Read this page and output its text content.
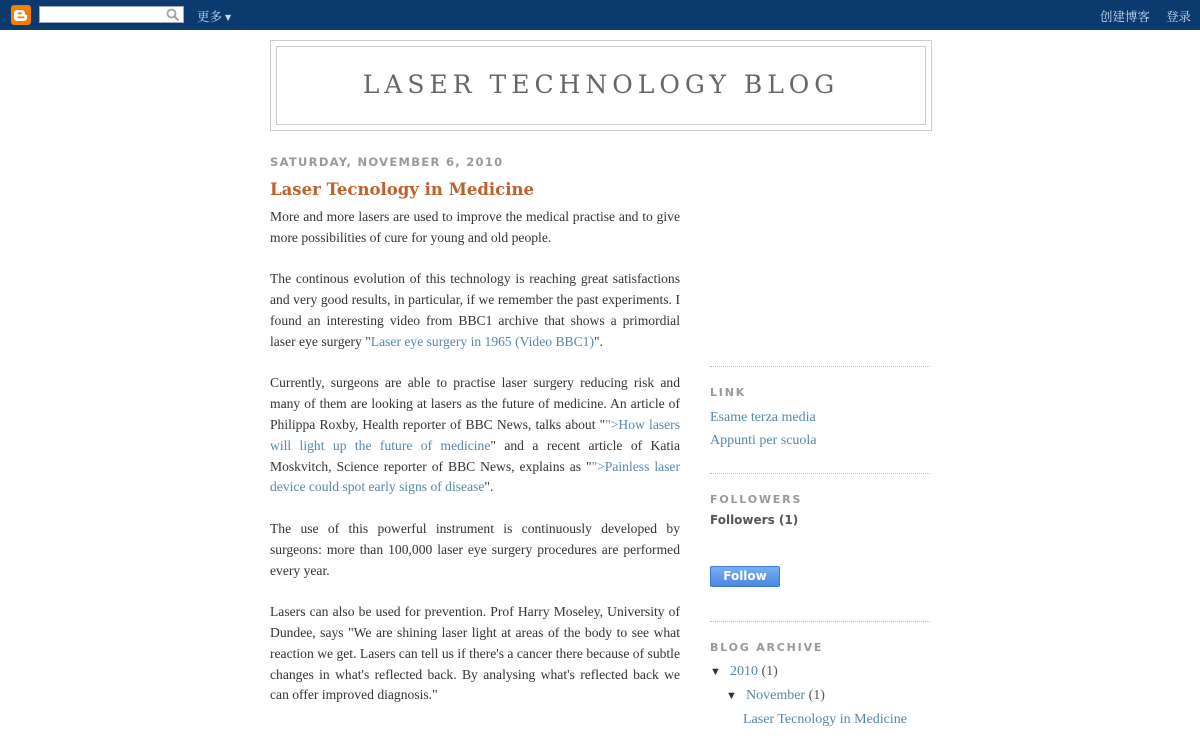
更多 ▼	创建博客 登录
LASER TECHNOLOGY BLOG
SATURDAY, NOVEMBER 6, 2010
Laser Tecnology in Medicine

More and more lasers are used to improve the medical practise and to give more possibilities of cure for young and old people.

The continous evolution of this technology is reaching great satisfactions and very good results, in particular, if we remember the past experiments. I found an interesting video from BBC1 archive that shows a primordial laser eye surgery "Laser eye surgery in 1965 (Video BBC1)".

Currently, surgeons are able to practise laser surgery reducing risk and many of them are looking at lasers as the future of medicine. An article of Philippa Roxby, Health reporter of BBC News, talks about "">How lasers will light up the future of medicine" and a recent article of Katia Moskvitch, Science reporter of BBC News, explains as "">Painless laser device could spot early signs of disease".

The use of this powerful instrument is continuously developed by surgeons: more than 100,000 laser eye surgery procedures are performed every year.

Lasers can also be used for prevention. Prof Harry Moseley, University of Dundee, says "We are shining laser light at areas of the body to see what reaction we get. Lasers can tell us if there's a cancer there because of subtle changes in what's reflected back. By analysing what's reflected back we can offer improved diagnosis."

LINK
Esame terza media
Appunti per scuola
FOLLOWERS
Followers (1)
Follow
BLOG ARCHIVE
▼ 2010 (1)
▼ November (1)
Laser Tecnology in Medicine
